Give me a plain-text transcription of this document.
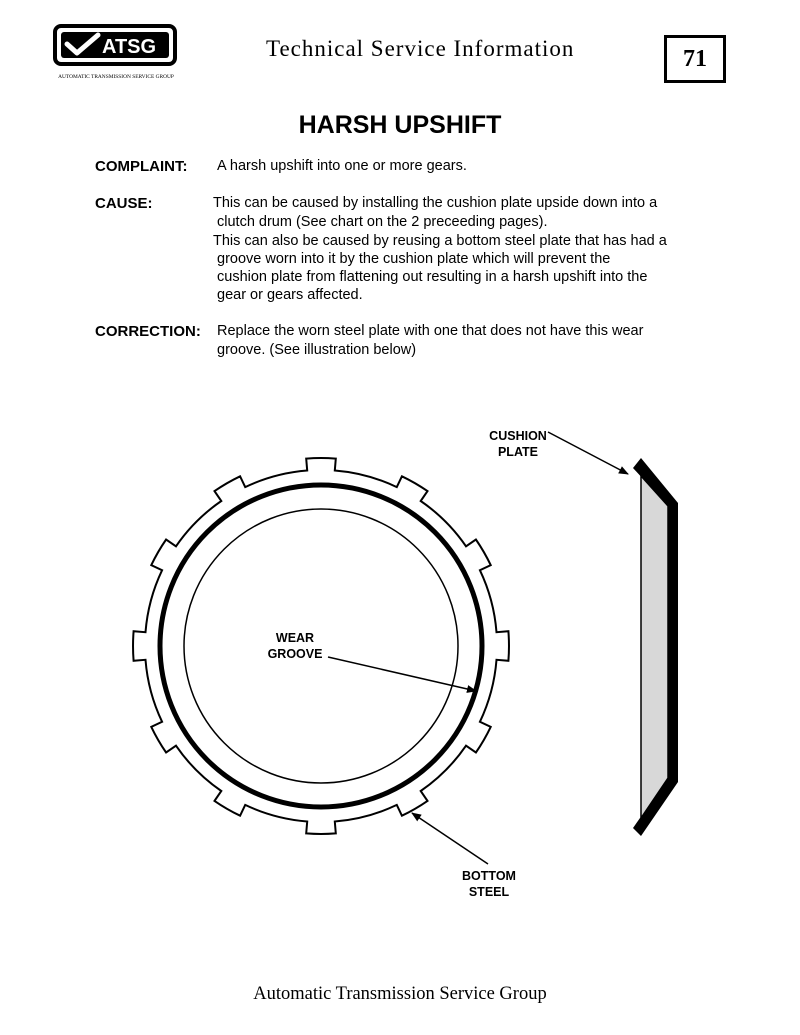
ATSG
AUTOMATIC TRANSMISSION SERVICE GROUP
Technical Service Information	71
HARSH UPSHIFT
COMPLAINT: A harsh upshift into one or more gears.
CAUSE:	This can be caused by installing the cushion plate upside down into a
clutch drum (See chart on the 2 preceeding pages).
This can also be caused by reusing a bottom steel plate that has had a
groove worn into it by the cushion plate which will prevent the
cushion plate from flattening out resulting in a harsh upshift into the
gear or gears affected.
CORRECTION: Replace the worn steel plate with one that does not have this wear
groove. (See illustration below)
CUSHION
PLATE
WEAR
GROOVE
BOTTOM
STEEL
Automatic Transmission Service Group
